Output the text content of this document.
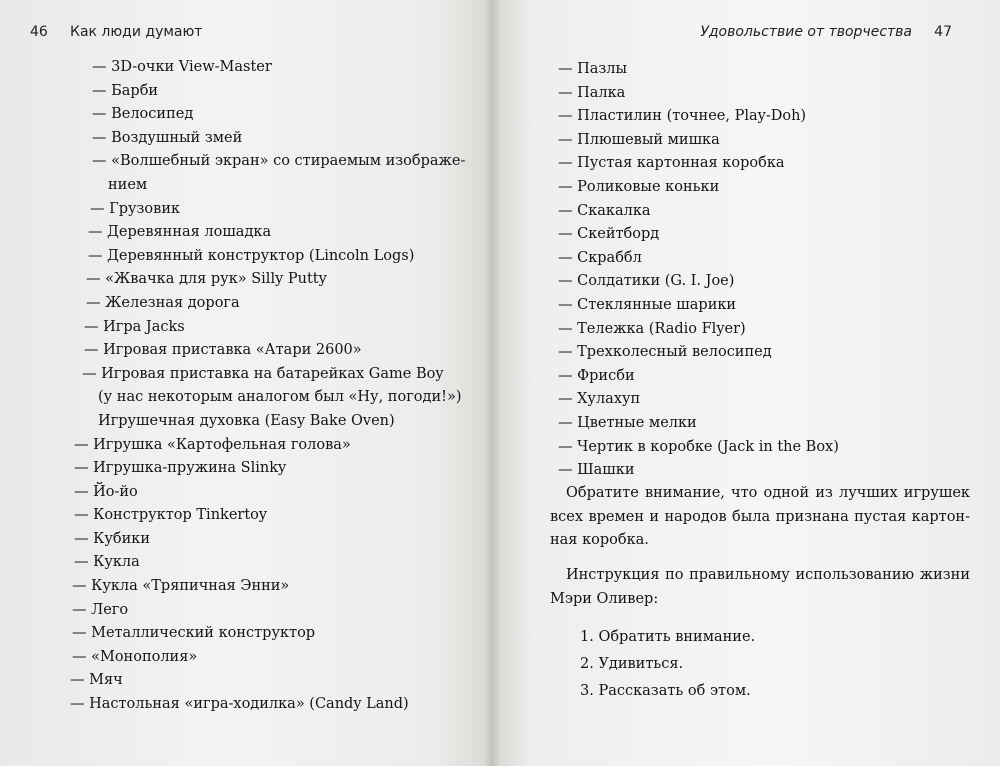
46 Как люди думают
— 3D-очки View-Master
— Барби
— Велосипед
— Воздушный змей
— «Волшебный экран» со стираемым изображе-
нием
— Грузовик
— Деревянная лошадка
— Деревянный конструктор (Lincoln Logs)
— «Жвачка для рук» Silly Putty
— Железная дорога
— Игра Jacks
— Игровая приставка «Атари 2600»
— Игровая приставка на батарейках Game Boy
(у нас некоторым аналогом был «Ну, погоди!»)
Игрушечная духовка (Easy Bake Oven)
— Игрушка «Картофельная голова»
— Игрушка-пружина Slinky
— Йо-йо
— Конструктор Tinkertoy
— Кубики
— Кукла
— Кукла «Тряпичная Энни»
— Лего
— Металлический конструктор
— «Монополия»
— Мяч
— Настольная «игра-ходилка» (Candy Land)
Удовольствие от творчества 47
— Пазлы
— Палка
— Пластилин (точнее, Play-Doh)
— Плюшевый мишка
— Пустая картонная коробка
— Роликовые коньки
— Скакалка
— Скейтборд
— Скраббл
— Солдатики (G. I. Joe)
— Стеклянные шарики
— Тележка (Radio Flyer)
— Трехколесный велосипед
— Фрисби
— Хулахуп
— Цветные мелки
— Чертик в коробке (Jack in the Box)
— Шашки

Обратите внимание, что одной из лучших игрушек всех времен и народов была признана пустая картон- ная коробка.

Инструкция по правильному использованию жизни Мэри Оливер:

1. Обратить внимание.
2. Удивиться.
3. Рассказать об этом.
